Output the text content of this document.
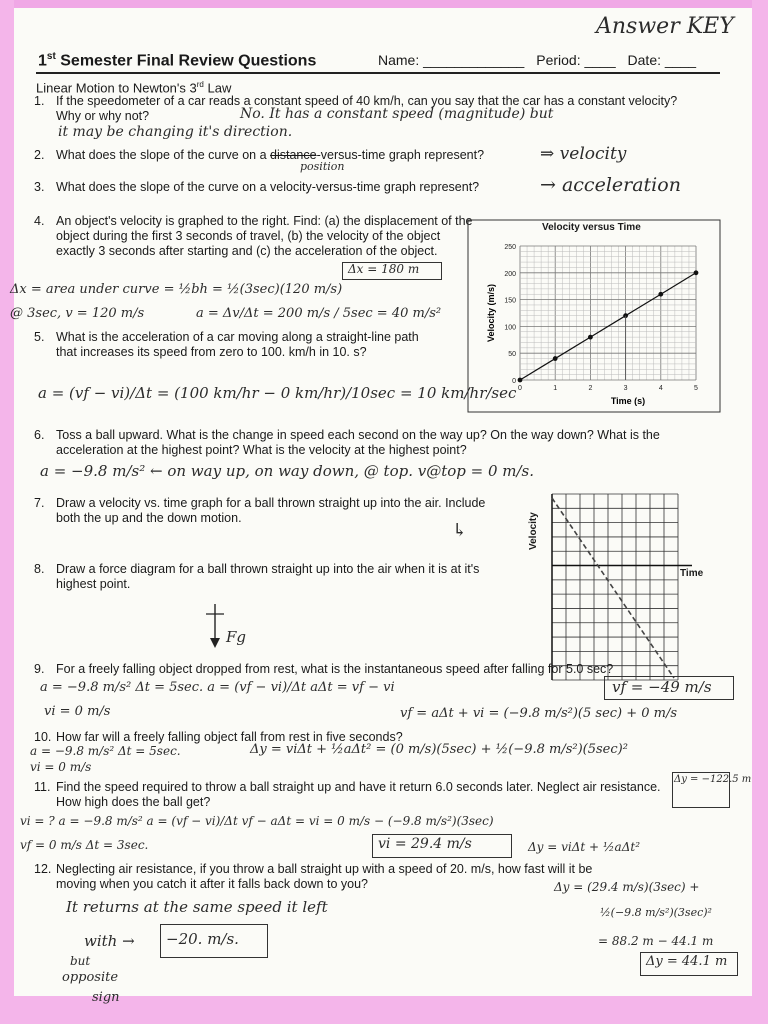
Answer KEY
1st Semester Final Review Questions	Name: _____________ Period: ____ Date: ____
Linear Motion to Newton's 3rd Law
1. If the speedometer of a car reads a constant speed of 40 km/h, can you say that the car has a constant velocity? Why or why not?	No. It has a constant speed (magnitude) but
it may be changing it's direction.
2. What does the slope of the curve on a distance-versus-time graph represent?	⇒ velocity
position
3. What does the slope of the curve on a velocity-versus-time graph represent?	→ acceleration
4. An object's velocity is graphed to the right. Find: (a) the displacement of the object during the first 3 seconds of travel, (b) the velocity of the object exactly 3 seconds after starting and (c) the acceleration of the object.
Δx = 180 m
Δx = area under curve = ½bh = ½(3sec)(120 m/s)
@ 3sec, v = 120 m/s	a = Δv/Δt = 200 m/s / 5sec = 40 m/s²
Velocity versus Time
0	1	2	3	4	5
0
50
100
150
200
250
Time (s)
Velocity (m/s)
5. What is the acceleration of a car moving along a straight-line path that increases its speed from zero to 100. km/h in 10. s?
a = (vf − vi)/Δt = (100 km/hr − 0 km/hr)/10sec = 10 km/hr/sec
6. Toss a ball upward. What is the change in speed each second on the way up? On the way down? What is the acceleration at the highest point? What is the velocity at the highest point?
a = −9.8 m/s² ← on way up, on way down, @ top. v@top = 0 m/s.
7. Draw a velocity vs. time graph for a ball thrown straight up into the air. Include both the up and the down motion.
↳	Velocity
Time
8. Draw a force diagram for a ball thrown straight up into the air when it is at it's highest point.
Fg
9. For a freely falling object dropped from rest, what is the instantaneous speed after falling for 5.0 sec?
a = −9.8 m/s² Δt = 5sec. a = (vf − vi)/Δt aΔt = vf − vi
vi = 0 m/s	vf = aΔt + vi = (−9.8 m/s²)(5 sec) + 0 m/s
vf = −49 m/s
10. How far will a freely falling object fall from rest in five seconds?
a = −9.8 m/s² Δt = 5sec.
vi = 0 m/s
Δy = viΔt + ½aΔt² = (0 m/s)(5sec) + ½(−9.8 m/s²)(5sec)²
11. Find the speed required to throw a ball straight up and have it return 6.0 seconds later. Neglect air resistance. How high does the ball get?
Δy = −122.5 m
vi = ? a = −9.8 m/s² a = (vf − vi)/Δt vf − aΔt = vi = 0 m/s − (−9.8 m/s²)(3sec)
vf = 0 m/s Δt = 3sec.	vi = 29.4 m/s	Δy = viΔt + ½aΔt²
12. Neglecting air resistance, if you throw a ball straight up with a speed of 20. m/s, how fast will it be moving when you catch it after it falls back down to you?	Δy = (29.4 m/s)(3sec) +
½(−9.8 m/s²)(3sec)²
= 88.2 m − 44.1 m
Δy = 44.1 m
It returns at the same speed it left
with → −20. m/s.
but
opposite
sign
